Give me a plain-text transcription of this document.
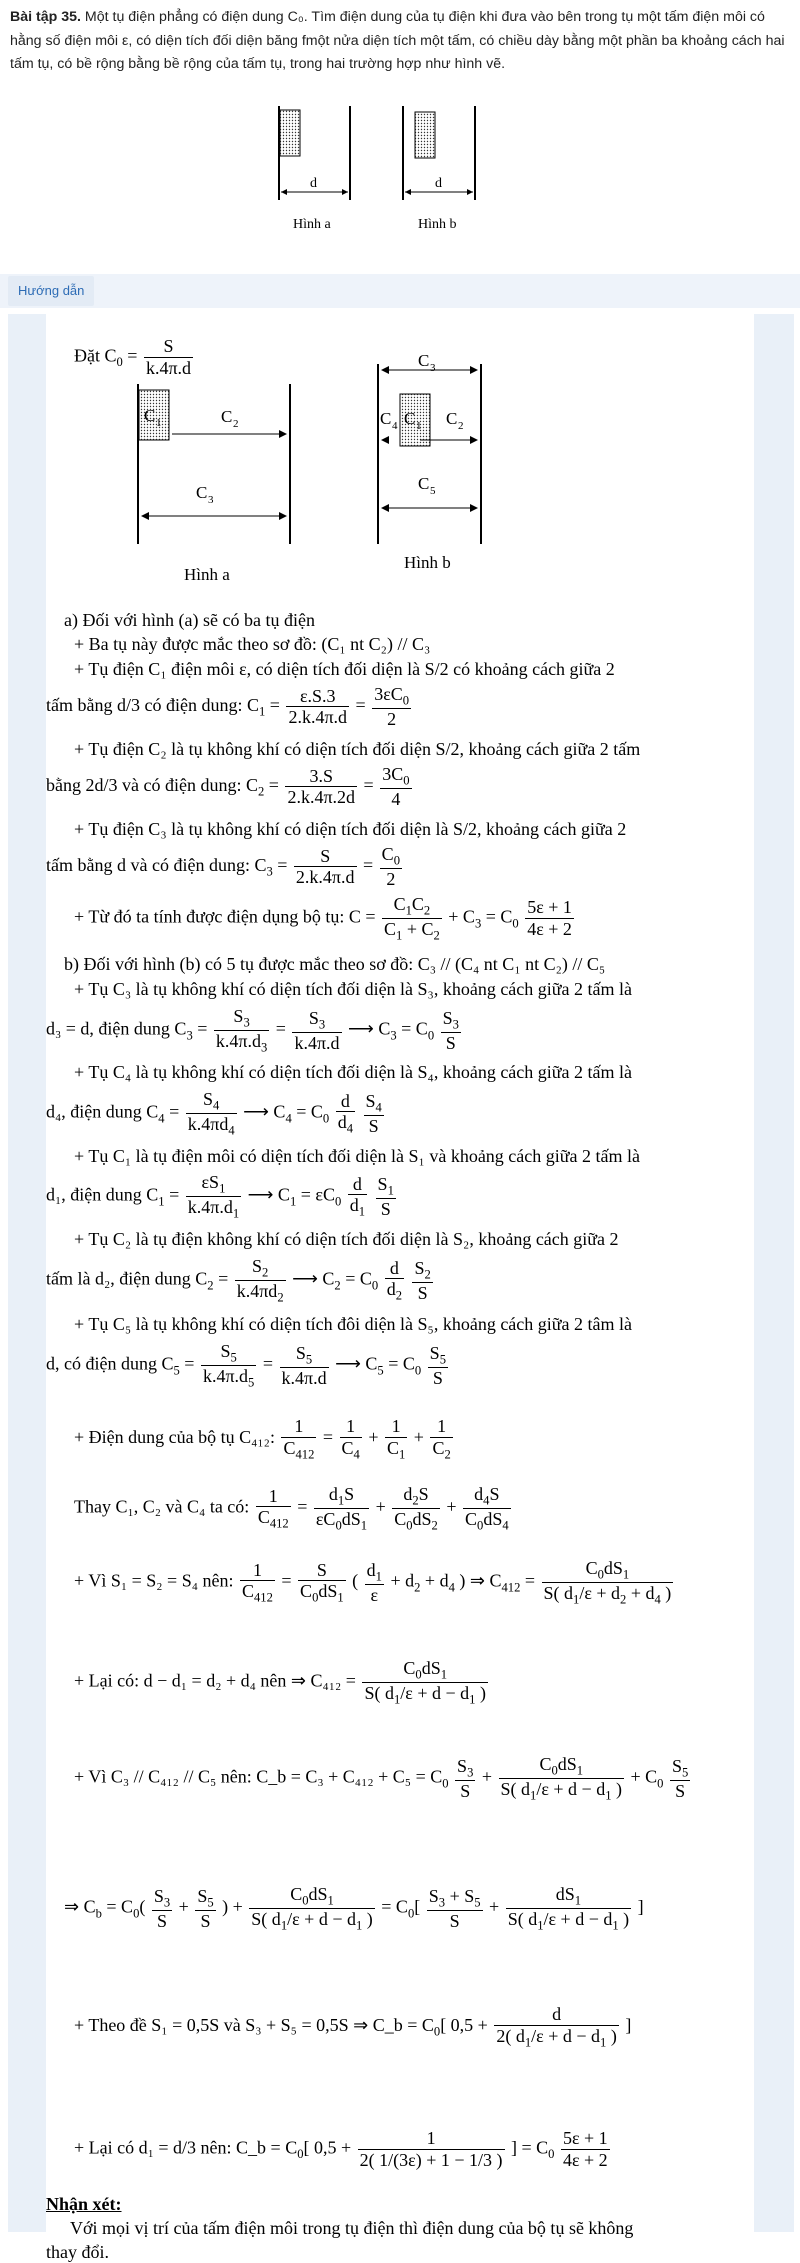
Bài tập 35. Một tụ điện phẳng có điện dung C₀. Tìm điện dung của tụ điện khi đưa vào bên trong tụ một tấm điện môi có hằng số điện môi ε, có diện tích đối diện băng fmột nửa diện tích một tấm, có chiều dày bằng một phần ba khoảng cách hai tấm tụ, có bề rộng bằng bề rộng của tấm tụ, trong hai trường hợp như hình vẽ.
d
Hình a
d
Hình b
Hướng dẫn
Đặt $C_0 = \frac{S}{k.4\pi.d}$
C 1	C 2
C 3
Hình a
C 3
C 4 C 1 C 2
C 5
Hình b
a) Đối với hình (a) sẽ có ba tụ điện
+ Ba tụ này được mắc theo sơ đồ: (C₁ nt C₂) // C₃
+ Tụ điện C₁ điện môi ε, có diện tích đối diện là S/2 có khoảng cách giữa 2
tấm bằng d/3 có điện dung: $C_1 = \frac{\varepsilon.S.3}{2.k.4\pi.d} = \frac{3\varepsilon C_0}{2}$
+ Tụ điện C₂ là tụ không khí có diện tích đối diện S/2, khoảng cách giữa 2 tấm
bằng 2d/3 và có điện dung: $C_2 = \frac{3.S}{2.k.4\pi.2d} = \frac{3C_0}{4}$
+ Tụ điện C₃ là tụ không khí có diện tích đối diện là S/2, khoảng cách giữa 2
tấm bằng d và có điện dung: $C_3 = \frac{S}{2.k.4\pi.d} = \frac{C_0}{2}$
+ Từ đó ta tính được điện dụng bộ tụ: $C = \frac{C_1C_2}{C_1 + C_2} + C_3 = C_0 \frac{5\varepsilon + 1}{4\varepsilon + 2}$
b) Đối với hình (b) có 5 tụ được mắc theo sơ đồ: C₃ // (C₄ nt C₁ nt C₂) // C₅
+ Tụ C₃ là tụ không khí có diện tích đối diện là S₃, khoảng cách giữa 2 tấm là
d₃ = d, điện dung $C_3 = \frac{S_3}{k.4\pi.d_3} = \frac{S_3}{k.4\pi.d}$ ⟶ $C_3 = C_0 \frac{S_3}{S}$
+ Tụ C₄ là tụ không khí có diện tích đối diện là S₄, khoảng cách giữa 2 tấm là
d₄, điện dung $C_4 = \frac{S_4}{k.4\pi d_4}$ ⟶ $C_4 = C_0 \frac{d}{d_4}$
$\frac{S_4}{S}$
+ Tụ C₁ là tụ điện môi có diện tích đối diện là S₁ và khoảng cách giữa 2 tấm là
d₁, điện dung $C_1 = \frac{\varepsilon S_1}{k.4\pi.d_1}$ ⟶ $C_1 = \varepsilon C_0 \frac{d}{d_1}$
$\frac{S_1}{S}$
+ Tụ C₂ là tụ điện không khí có diện tích đối diện là S₂, khoảng cách giữa 2
tấm là d₂, điện dung $C_2 = \frac{S_2}{k.4\pi d_2}$ ⟶ $C_2 = C_0 \frac{d}{d_2}$
$\frac{S_2}{S}$
+ Tụ C₅ là tụ không khí có diện tích đôi diện là S₅, khoảng cách giữa 2 tâm là
d, có điện dung $C_5 = \frac{S_5}{k.4\pi.d_5} = \frac{S_5}{k.4\pi.d}$ ⟶ $C_5 = C_0 \frac{S_5}{S}$
+ Điện dung của bộ tụ C₄₁₂: $\frac{1}{C_{412}} = \frac{1}{C_4} + \frac{1}{C_1} + \frac{1}{C_2}$
Thay C₁, C₂ và C₄ ta có: $\frac{1}{C_{412}} = \frac{d_1S}{\varepsilon C_0dS_1} + \frac{d_2S}{C_0dS_2} + \frac{d_4S}{C_0dS_4}$
+ Vì S₁ = S₂ = S₄ nên: $\frac{1}{C_{412}} = \frac{S}{C_0dS_1}$ ( $\frac{d_1}{\varepsilon} + d_2 + d_4$ ) ⇒ $C_{412} = \frac{C_0dS_1}{S( d_1/\varepsilon + d_2 + d_4 )}$
+ Lại có: d − d₁ = d₂ + d₄ nên ⇒ $C_{412} = \frac{C_0dS_1}{S( d_1/\varepsilon + d - d_1 )}$
+ Vì C₃ // C₄₁₂ // C₅ nên: C_b = $C_3 + C_{412} + C_5 = C_0 \frac{S_3}{S} + \frac{C_0dS_1}{S( d_1/\varepsilon + d - d_1 )} + C_0 \frac{S_5}{S}$
⇒ $C_b = C_0( \frac{S_3}{S} + \frac{S_5}{S}$ ) + $\frac{C_0dS_1}{S( d_1/\varepsilon + d - d_1 )} = C_0[ \frac{S_3 + S_5}{S} + \frac{dS_1}{S( d_1/\varepsilon + d - d_1 )}$ ]
+ Theo đề S₁ = 0,5S và S₃ + S₅ = 0,5S ⇒ C_b = $C_0$[ $0,5 + \frac{d}{2( d_1/\varepsilon + d - d_1 )}$ ]
+ Lại có d₁ = d/3 nên: C_b = $C_0$[ $0,5 + \frac{1}{2( 1/(3\varepsilon) + 1 - 1/3 )}$ ] = $C_0 \frac{5\varepsilon + 1}{4\varepsilon + 2}$
Nhận xét:
Với mọi vị trí của tấm điện môi trong tụ điện thì điện dung của bộ tụ sẽ không
thay đổi.
